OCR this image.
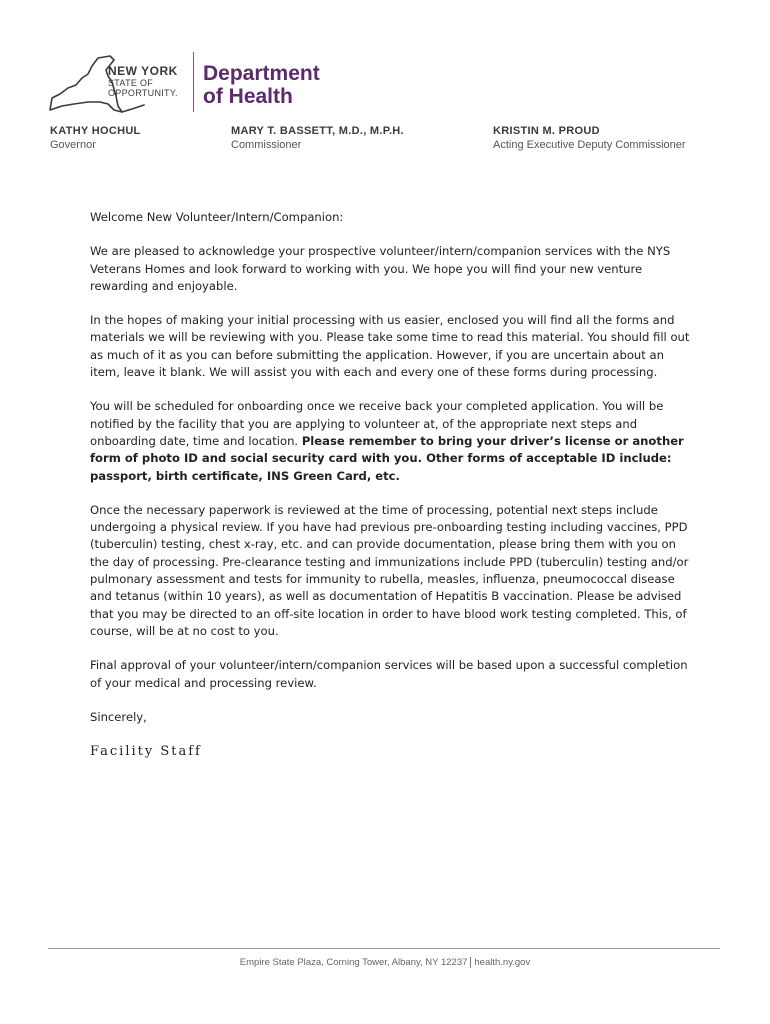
NEW YORK
STATE OF
OPPORTUNITY.
Department
of Health
KATHY HOCHUL
Governor
MARY T. BASSETT, M.D., M.P.H.
Commissioner
KRISTIN M. PROUD
Acting Executive Deputy Commissioner

Welcome New Volunteer/Intern/Companion:

We are pleased to acknowledge your prospective volunteer/intern/companion services with the NYS Veterans Homes and look forward to working with you. We hope you will find your new venture rewarding and enjoyable.

In the hopes of making your initial processing with us easier, enclosed you will find all the forms and materials we will be reviewing with you. Please take some time to read this material. You should fill out as much of it as you can before submitting the application. However, if you are uncertain about an item, leave it blank. We will assist you with each and every one of these forms during processing.

You will be scheduled for onboarding once we receive back your completed application. You will be notified by the facility that you are applying to volunteer at, of the appropriate next steps and onboarding date, time and location. Please remember to bring your driver’s license or another form of photo ID and social security card with you. Other forms of acceptable ID include: passport, birth certificate, INS Green Card, etc.

Once the necessary paperwork is reviewed at the time of processing, potential next steps include undergoing a physical review. If you have had previous pre-onboarding testing including vaccines, PPD (tuberculin) testing, chest x-ray, etc. and can provide documentation, please bring them with you on the day of processing. Pre-clearance testing and immunizations include PPD (tuberculin) testing and/or pulmonary assessment and tests for immunity to rubella, measles, influenza, pneumococcal disease and tetanus (within 10 years), as well as documentation of Hepatitis B vaccination. Please be advised that you may be directed to an off-site location in order to have blood work testing completed. This, of course, will be at no cost to you.

Final approval of your volunteer/intern/companion services will be based upon a successful completion of your medical and processing review.

Sincerely,

Facility Staff
Empire State Plaza, Corning Tower, Albany, NY 12237 health.ny.gov
